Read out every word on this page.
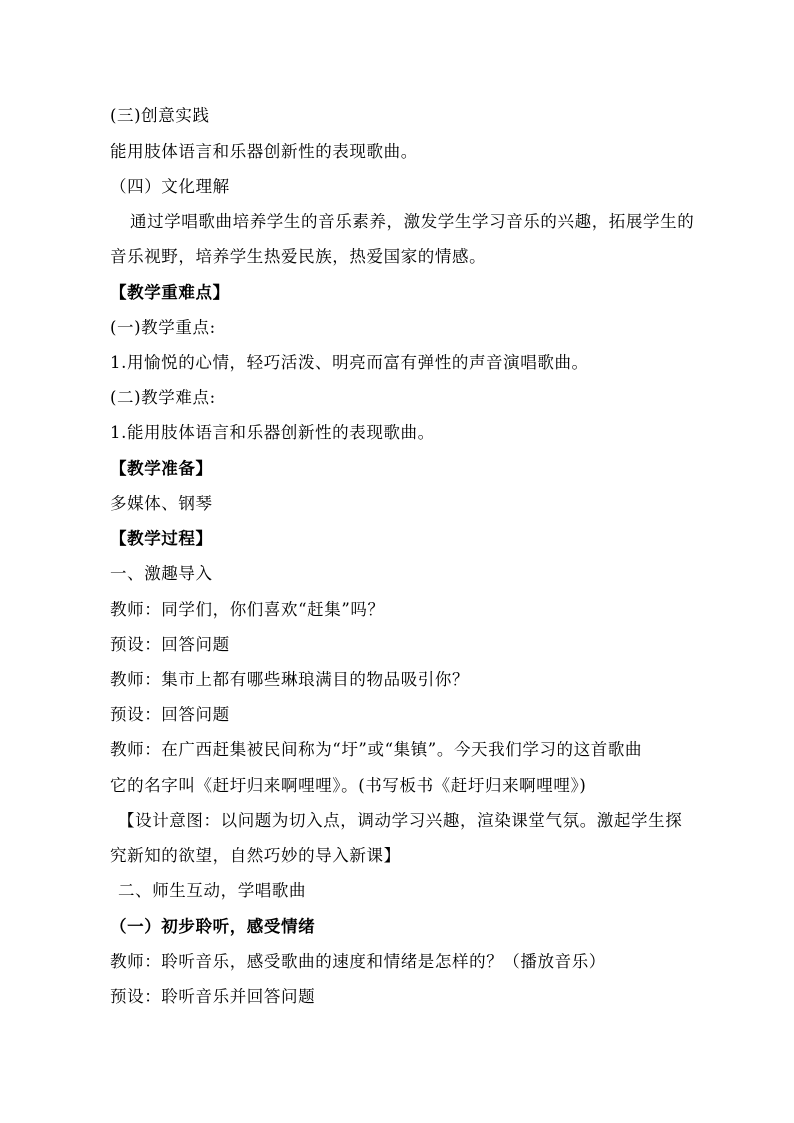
(三)创意实践
能用肢体语言和乐器创新性的表现歌曲。
（四）文化理解
通过学唱歌曲培养学生的音乐素养，激发学生学习音乐的兴趣，拓展学生的
音乐视野，培养学生热爱民族，热爱国家的情感。
【教学重难点】
(一)教学重点:
1.用愉悦的心情，轻巧活泼、明亮而富有弹性的声音演唱歌曲。
(二)教学难点:
1.能用肢体语言和乐器创新性的表现歌曲。
【教学准备】
多媒体、钢琴
【教学过程】
一、激趣导入
教师：同学们，你们喜欢“赶集”吗？
预设：回答问题
教师：集市上都有哪些琳琅满目的物品吸引你？
预设：回答问题
教师：在广西赶集被民间称为“圩”或“集镇”。今天我们学习的这首歌曲
它的名字叫《赶圩归来啊哩哩》。(书写板书《赶圩归来啊哩哩》)
【设计意图：以问题为切入点，调动学习兴趣，渲染课堂气氛。激起学生探
究新知的欲望，自然巧妙的导入新课】
二、师生互动，学唱歌曲
（一）初步聆听，感受情绪
教师：聆听音乐，感受歌曲的速度和情绪是怎样的？（播放音乐）
预设：聆听音乐并回答问题
